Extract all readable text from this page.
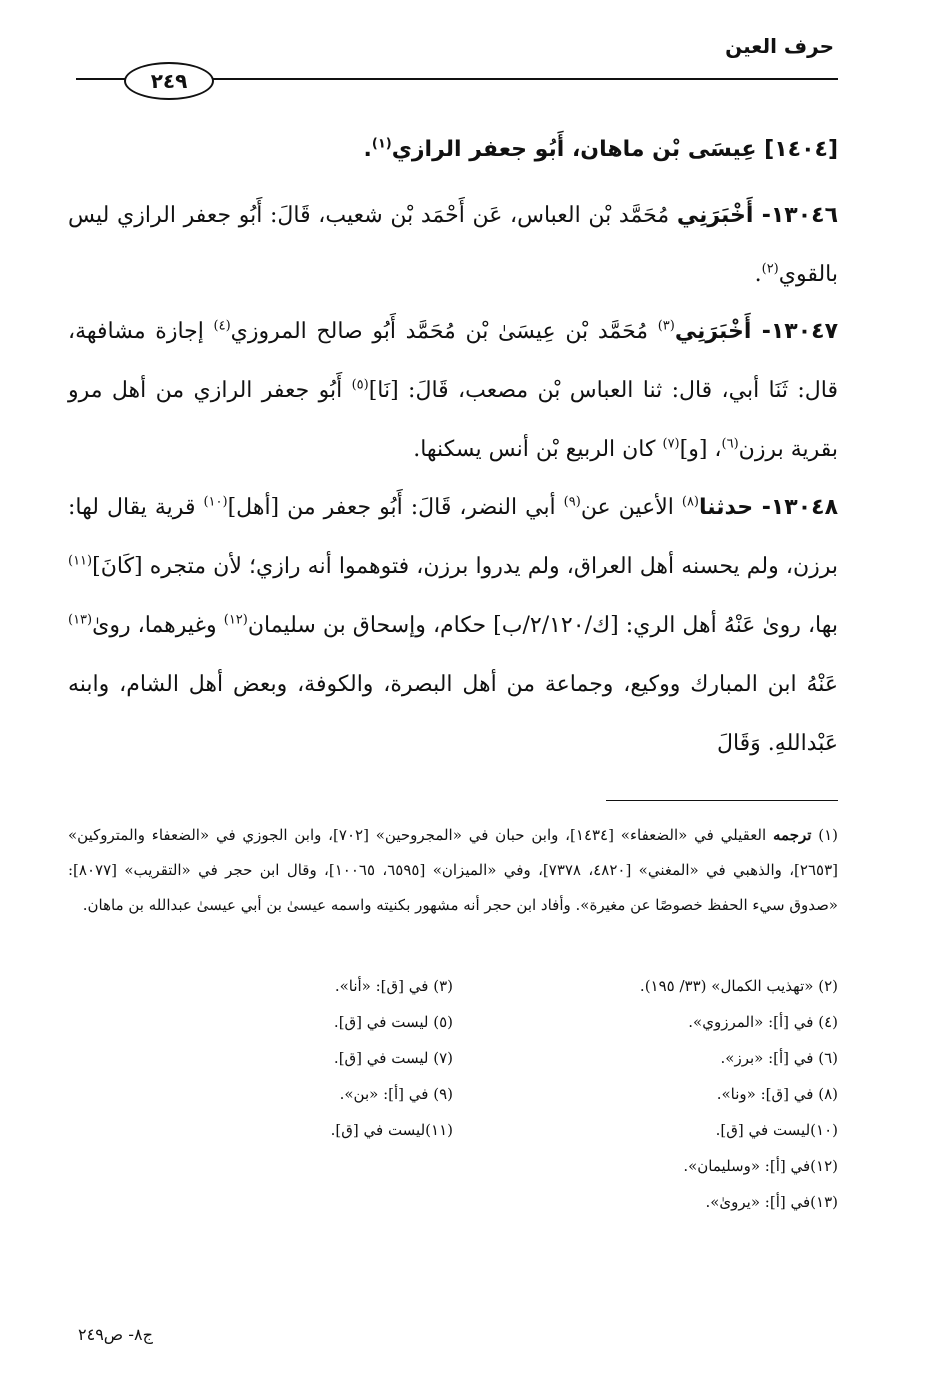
حرف العين
٢٤٩
[١٤٠٤] عِيسَى بْن ماهان، أَبُو جعفر الرازي$^{(١)}$.
١٣٠٤٦- أَخْبَرَنِي مُحَمَّد بْن العباس، عَن أَحْمَد بْن شعيب، قَالَ: أَبُو جعفر الرازي ليس بالقوي$^{(٢)}$.
١٣٠٤٧- أَخْبَرَنِي$^{(٣)}$ مُحَمَّد بْن عِيسَىٰ بْن مُحَمَّد أَبُو صالح المروزي$^{(٤)}$ إجازة مشافهة، قال: ثَنَا أبي، قال: ثنا العباس بْن مصعب، قَالَ: [نَا]$^{(٥)}$ أَبُو جعفر الرازي من أهل مرو بقرية برزن$^{(٦)}$، [و]$^{(٧)}$ كان الربيع بْن أنس يسكنها.
١٣٠٤٨- حدثنا$^{(٨)}$ الأعين عن$^{(٩)}$ أبي النضر، قَالَ: أَبُو جعفر من [أهل]$^{(١٠)}$ قرية يقال لها: برزن، ولم يحسنه أهل العراق، ولم يدروا برزن، فتوهموا أنه رازي؛ لأن متجره [كَانَ]$^{(١١)}$ بها، روىٰ عَنْهُ أهل الري: [ك/٢/١٢٠/ب] حكام، وإسحاق بن سليمان$^{(١٢)}$ وغيرهما، روىٰ$^{(١٣)}$ عَنْهُ ابن المبارك ووكيع، وجماعة من أهل البصرة، والكوفة، وبعض أهل الشام، وابنه عَبْداللهِ. وَقَالَ
(١) ترجمه العقيلي في «الضعفاء» [١٤٣٤]، وابن حبان في «المجروحين» [٧٠٢]، وابن الجوزي في «الضعفاء والمتروكين» [٢٦٥٣]، والذهبي في «المغني» [٤٨٢٠، ٧٣٧٨]، وفي «الميزان» [٦٥٩٥، ١٠٠٦٥]، وقال ابن حجر في «التقريب» [٨٠٧٧]: «صدوق سيء الحفظ خصوصًا عن مغيرة». وأفاد ابن حجر أنه مشهور بكنيته واسمه عيسىٰ بن أبي عيسىٰ عبدالله بن ماهان.
(٢) «تهذيب الكمال» (٣٣/ ١٩٥).
(٣) في [ق]: «أنا».
(٤) في [أ]: «المرزوي».
(٥) ليست في [ق].
(٦) في [أ]: «برز».
(٧) ليست في [ق].
(٨) في [ق]: «ونا».
(٩) في [أ]: «بن».
(١٠)ليست في [ق].
(١١)ليست في [ق].
(١٢)في [أ]: «وسليمان».
(١٣)في [أ]: «يروىٰ».
ج٨- ص٢٤٩
